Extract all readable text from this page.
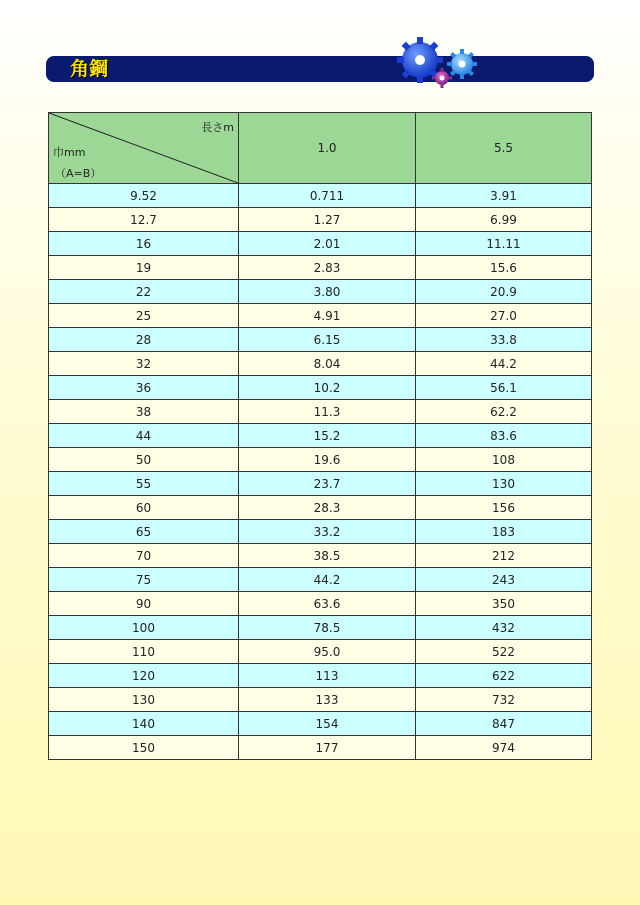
角鋼
長さm
巾mm
（A=B）	1.0	5.5
9.52	0.711	3.91
12.7	1.27	6.99
16	2.01	11.11
19	2.83	15.6
22	3.80	20.9
25	4.91	27.0
28	6.15	33.8
32	8.04	44.2
36	10.2	56.1
38	11.3	62.2
44	15.2	83.6
50	19.6	108
55	23.7	130
60	28.3	156
65	33.2	183
70	38.5	212
75	44.2	243
90	63.6	350
100	78.5	432
110	95.0	522
120	113	622
130	133	732
140	154	847
150	177	974
